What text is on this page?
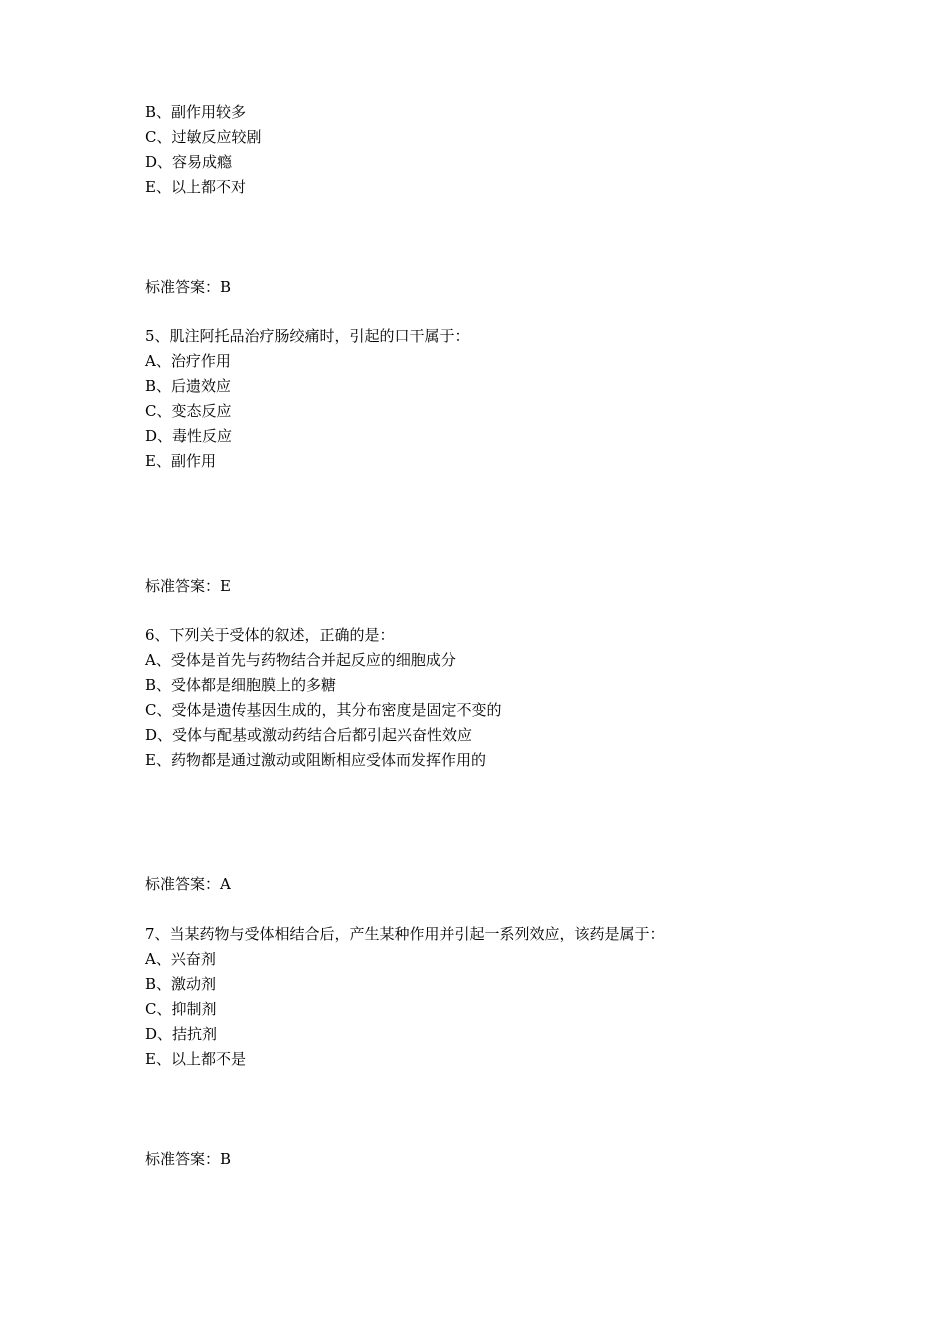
B、副作用较多
C、过敏反应较剧
D、容易成瘾
E、以上都不对
标准答案：B
5、肌注阿托品治疗肠绞痛时，引起的口干属于：
A、治疗作用
B、后遗效应
C、变态反应
D、毒性反应
E、副作用
标准答案：E
6、下列关于受体的叙述，正确的是：
A、受体是首先与药物结合并起反应的细胞成分
B、受体都是细胞膜上的多糖
C、受体是遗传基因生成的，其分布密度是固定不变的
D、受体与配基或激动药结合后都引起兴奋性效应
E、药物都是通过激动或阻断相应受体而发挥作用的
标准答案：A
7、当某药物与受体相结合后，产生某种作用并引起一系列效应，该药是属于：
A、兴奋剂
B、激动剂
C、抑制剂
D、拮抗剂
E、以上都不是
标准答案：B
